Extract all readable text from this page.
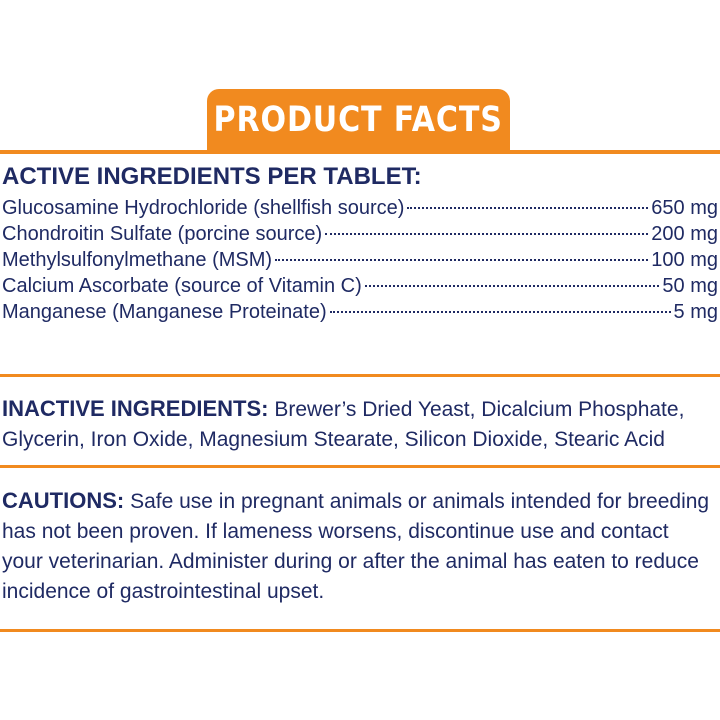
PRODUCT FACTS
ACTIVE INGREDIENTS PER TABLET:
Glucosamine Hydrochloride (shellfish source)	650 mg
Chondroitin Sulfate (porcine source)	200 mg
Methylsulfonylmethane (MSM)	100 mg
Calcium Ascorbate (source of Vitamin C)	50 mg
Manganese (Manganese Proteinate)	5 mg

INACTIVE INGREDIENTS: Brewer’s Dried Yeast, Dicalcium Phosphate, Glycerin, Iron Oxide, Magnesium Stearate, Silicon Dioxide, Stearic Acid

CAUTIONS: Safe use in pregnant animals or animals intended for breeding has not been proven. If lameness worsens, discontinue use and contact your veterinarian. Administer during or after the animal has eaten to reduce incidence of gastrointestinal upset.
